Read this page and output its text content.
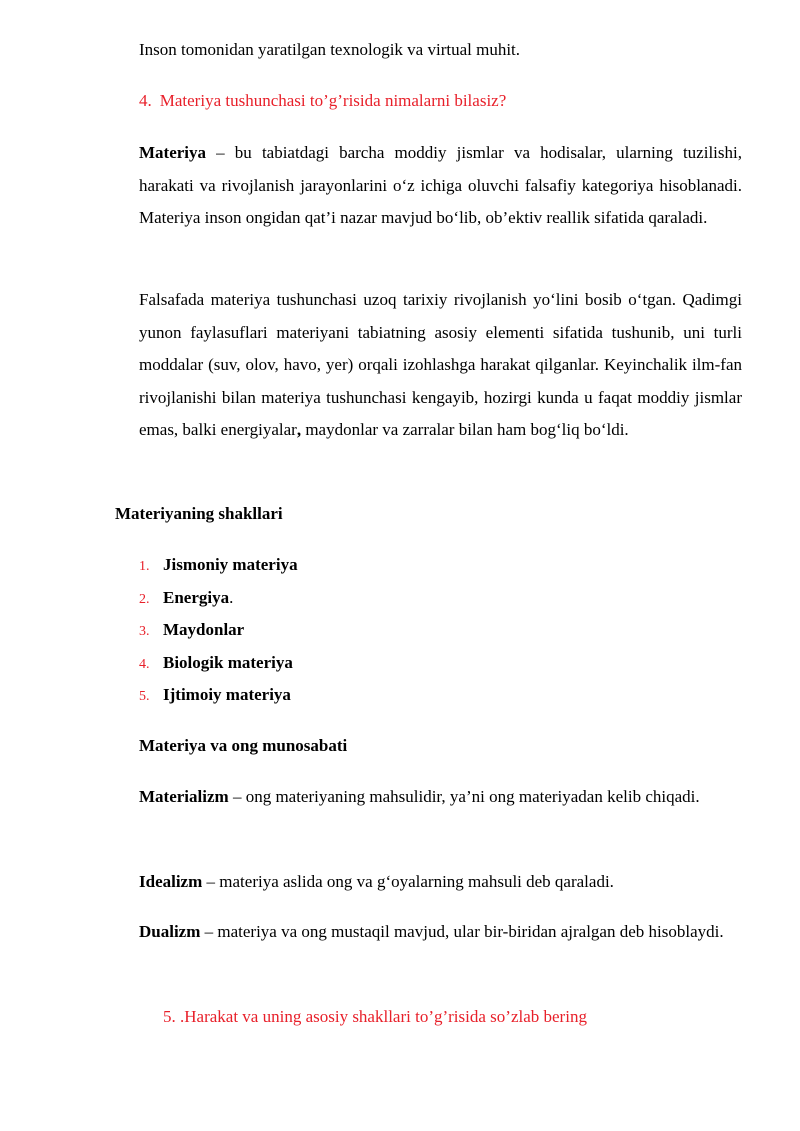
Inson tomonidan yaratilgan texnologik va virtual muhit.
4. Materiya tushunchasi to’g’risida nimalarni bilasiz?
Materiya – bu tabiatdagi barcha moddiy jismlar va hodisalar, ularning tuzilishi, harakati va rivojlanish jarayonlarini o‘z ichiga oluvchi falsafiy kategoriya hisoblanadi. Materiya inson ongidan qat’i nazar mavjud bo‘lib, ob’ektiv reallik sifatida qaraladi.
Falsafada materiya tushunchasi uzoq tarixiy rivojlanish yo‘lini bosib o‘tgan. Qadimgi yunon faylasuflari materiyani tabiatning asosiy elementi sifatida tushunib, uni turli moddalar (suv, olov, havo, yer) orqali izohlashga harakat qilganlar. Keyinchalik ilm-fan rivojlanishi bilan materiya tushunchasi kengayib, hozirgi kunda u faqat moddiy jismlar emas, balki energiyalar, maydonlar va zarralar bilan ham bog‘liq bo‘ldi.
Materiyaning shakllari
1. Jismoniy materiya
2. Energiya.
3. Maydonlar
4. Biologik materiya
5. Ijtimoiy materiya
Materiya va ong munosabati
Materializm – ong materiyaning mahsulidir, ya’ni ong materiyadan kelib chiqadi.
Idealizm – materiya aslida ong va g‘oyalarning mahsuli deb qaraladi.
Dualizm – materiya va ong mustaqil mavjud, ular bir-biridan ajralgan deb hisoblaydi.
5. .Harakat va uning asosiy shakllari to’g’risida so’zlab bering
